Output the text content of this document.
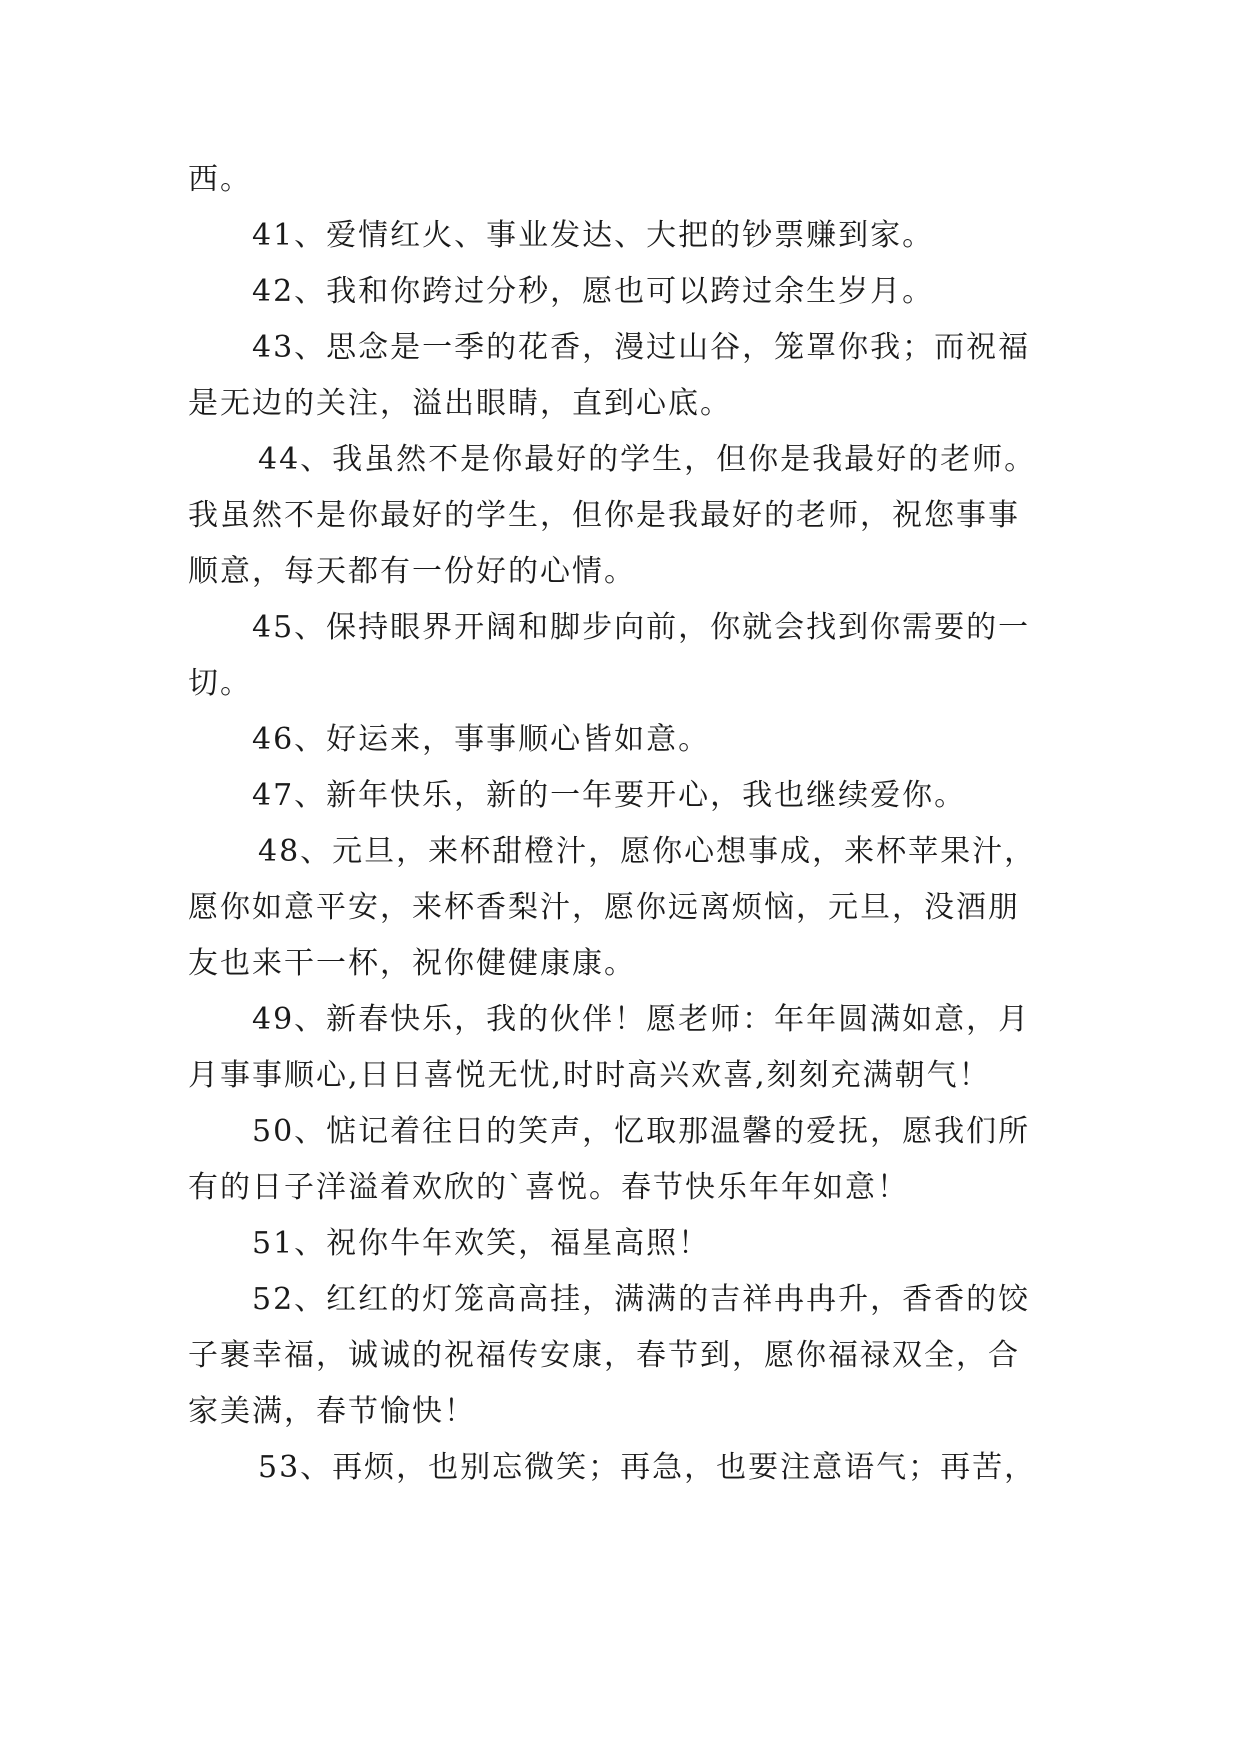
西。
41、爱情红火、事业发达、大把的钞票赚到家。
42、我和你跨过分秒，愿也可以跨过余生岁月。
43、思念是一季的花香，漫过山谷，笼罩你我；而祝福
是无边的关注，溢出眼睛，直到心底。
44、我虽然不是你最好的学生，但你是我最好的老师。
我虽然不是你最好的学生，但你是我最好的老师，祝您事事
顺意，每天都有一份好的心情。
45、保持眼界开阔和脚步向前，你就会找到你需要的一
切。
46、好运来，事事顺心皆如意。
47、新年快乐，新的一年要开心，我也继续爱你。
48、元旦，来杯甜橙汁，愿你心想事成，来杯苹果汁，
愿你如意平安，来杯香梨汁，愿你远离烦恼，元旦，没酒朋
友也来干一杯，祝你健健康康。
49、新春快乐，我的伙伴！愿老师：年年圆满如意，月
月事事顺心,日日喜悦无忧,时时高兴欢喜,刻刻充满朝气！
50、惦记着往日的笑声，忆取那温馨的爱抚，愿我们所
有的日子洋溢着欢欣的`喜悦。春节快乐年年如意！
51、祝你牛年欢笑，福星高照！
52、红红的灯笼高高挂，满满的吉祥冉冉升，香香的饺
子裹幸福，诚诚的祝福传安康，春节到，愿你福禄双全，合
家美满，春节愉快！
53、再烦，也别忘微笑；再急，也要注意语气；再苦，
